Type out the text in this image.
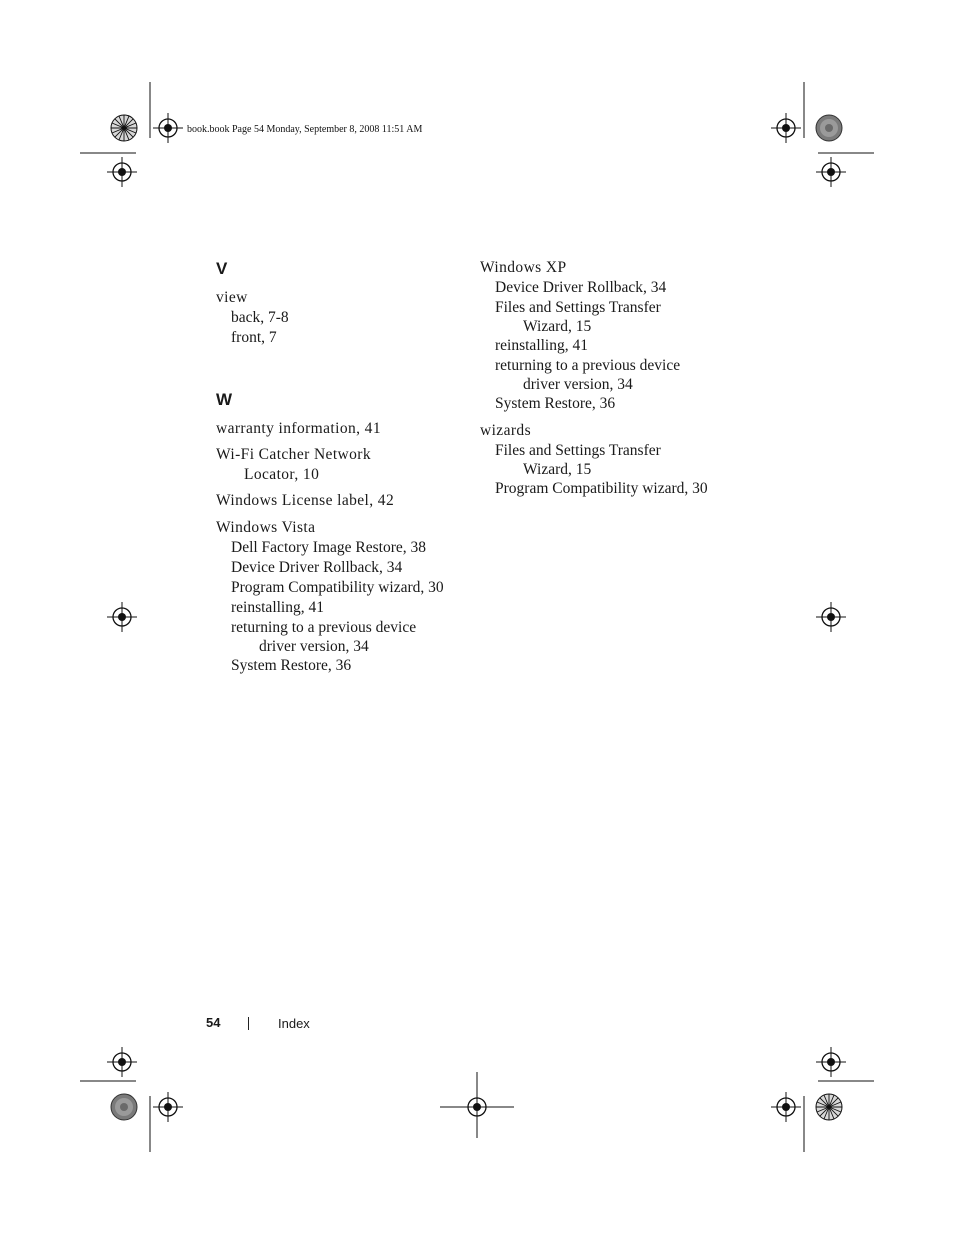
book.book Page 54 Monday, September 8, 2008 11:51 AM
V
view
back, 7-8
front, 7
W
warranty information, 41
Wi-Fi Catcher Network
Locator, 10
Windows License label, 42
Windows Vista
Dell Factory Image Restore, 38
Device Driver Rollback, 34
Program Compatibility wizard, 30
reinstalling, 41
returning to a previous device
driver version, 34
System Restore, 36
Windows XP
Device Driver Rollback, 34
Files and Settings Transfer
Wizard, 15
reinstalling, 41
returning to a previous device
driver version, 34
System Restore, 36
wizards
Files and Settings Transfer
Wizard, 15
Program Compatibility wizard, 30
54	Index
